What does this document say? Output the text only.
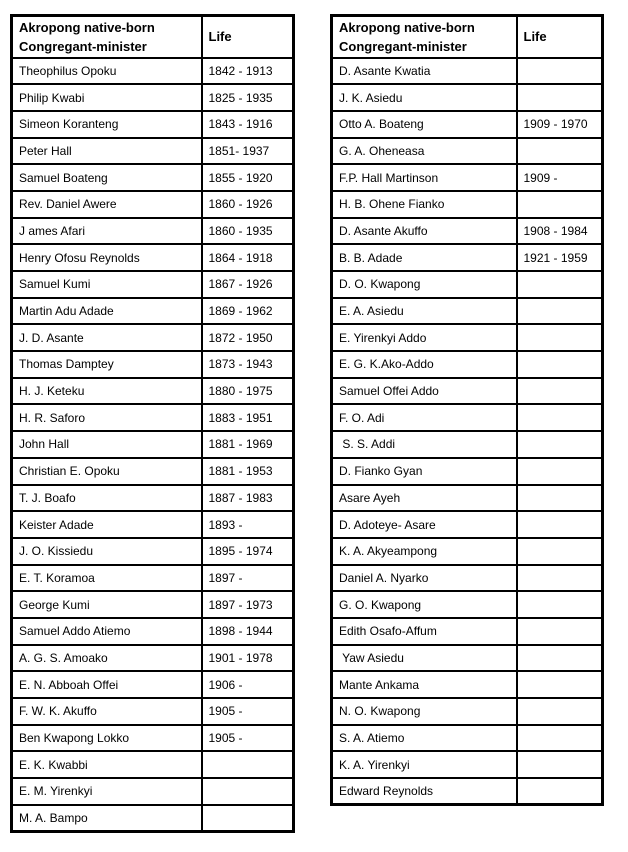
Akropong native-born
Congregant-minister	Life
Theophilus Opoku	1842 - 1913
Philip Kwabi	1825 - 1935
Simeon Koranteng	1843 - 1916
Peter Hall	1851- 1937
Samuel Boateng	1855 - 1920
Rev. Daniel Awere	1860 - 1926
J ames Afari	1860 - 1935
Henry Ofosu Reynolds	1864 - 1918
Samuel Kumi	1867 - 1926
Martin Adu Adade	1869 - 1962
J. D. Asante	1872 - 1950
Thomas Damptey	1873 - 1943
H. J. Keteku	1880 - 1975
H. R. Saforo	1883 - 1951
John Hall	1881 - 1969
Christian E. Opoku	1881 - 1953
T. J. Boafo	1887 - 1983
Keister Adade	1893 -
J. O. Kissiedu	1895 - 1974
E. T. Koramoa	1897 -
George Kumi	1897 - 1973
Samuel Addo Atiemo	1898 - 1944
A. G. S. Amoako	1901 - 1978
E. N. Abboah Offei	1906 -
F. W. K. Akuffo	1905 -
Ben Kwapong Lokko	1905 -
E. K. Kwabbi	
E. M. Yirenkyi	
M. A. Bampo	
Akropong native-born
Congregant-minister	Life
D. Asante Kwatia	
J. K. Asiedu	
Otto A. Boateng	1909 - 1970
G. A. Oheneasa	
F.P. Hall Martinson	1909 -
H. B. Ohene Fianko	
D. Asante Akuffo	1908 - 1984
B. B. Adade	1921 - 1959
D. O. Kwapong	
E. A. Asiedu	
E. Yirenkyi Addo	
E. G. K.Ako-Addo	
Samuel Offei Addo	
F. O. Adi	
S. S. Addi	
D. Fianko Gyan	
Asare Ayeh	
D. Adoteye- Asare	
K. A. Akyeampong	
Daniel A. Nyarko	
G. O. Kwapong	
Edith Osafo-Affum	
Yaw Asiedu	
Mante Ankama	
N. O. Kwapong	
S. A. Atiemo	
K. A. Yirenkyi	
Edward Reynolds	
